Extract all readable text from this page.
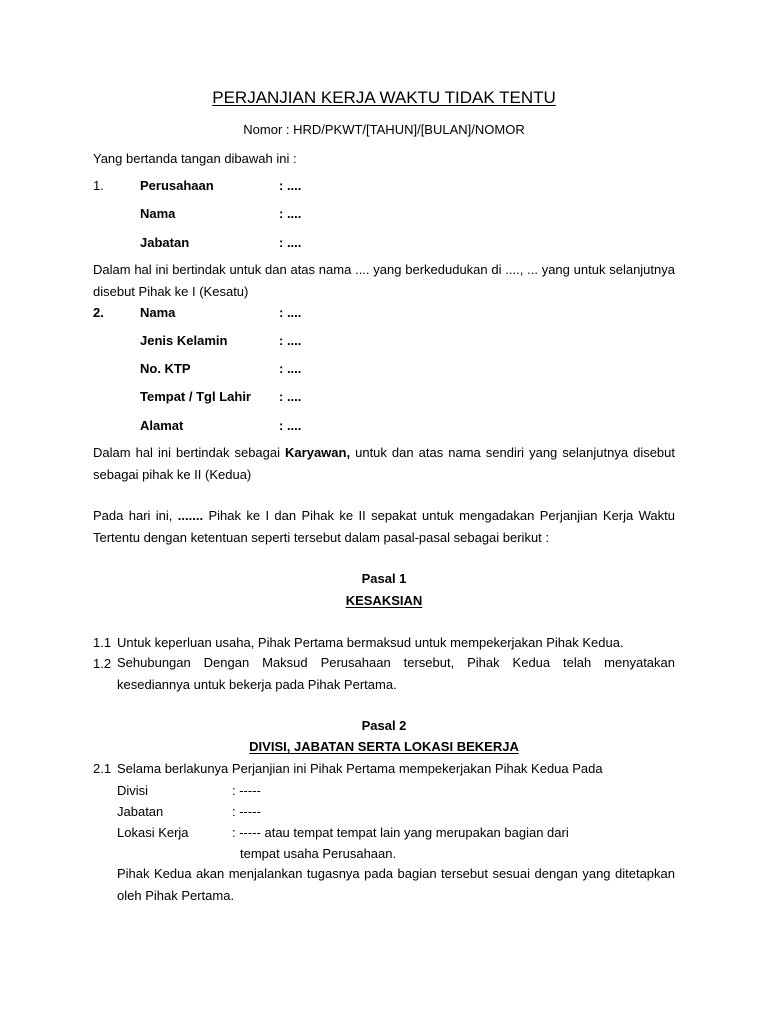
PERJANJIAN KERJA WAKTU TIDAK TENTU
Nomor : HRD/PKWT/[TAHUN]/[BULAN]/NOMOR
Yang bertanda tangan dibawah ini :
1.	Perusahaan	: ....
Nama	: ....
Jabatan	: ....
Dalam hal ini bertindak untuk dan atas nama .... yang berkedudukan di ...., ... yang untuk selanjutnya disebut Pihak ke I (Kesatu)
2.	Nama	: ....
Jenis Kelamin	: ....
No. KTP	: ....
Tempat / Tgl Lahir : ....
Alamat	: ....
Dalam hal ini bertindak sebagai Karyawan, untuk dan atas nama sendiri yang selanjutnya disebut sebagai pihak ke II (Kedua)
Pada hari ini, ....... Pihak ke I dan Pihak ke II sepakat untuk mengadakan Perjanjian Kerja Waktu Tertentu dengan ketentuan seperti tersebut dalam pasal-pasal sebagai berikut :
Pasal 1
KESAKSIAN
1.1 Untuk keperluan usaha, Pihak Pertama bermaksud untuk mempekerjakan Pihak Kedua.
1.2 Sehubungan Dengan Maksud Perusahaan tersebut, Pihak Kedua telah menyatakan kesediannya untuk bekerja pada Pihak Pertama.
Pasal 2
DIVISI, JABATAN SERTA LOKASI BEKERJA
2.1 Selama berlakunya Perjanjian ini Pihak Pertama mempekerjakan Pihak Kedua Pada
Divisi	: -----
Jabatan	: -----
Lokasi Kerja	: ----- atau tempat tempat lain yang merupakan bagian dari
tempat usaha Perusahaan.
Pihak Kedua akan menjalankan tugasnya pada bagian tersebut sesuai dengan yang ditetapkan oleh Pihak Pertama.
